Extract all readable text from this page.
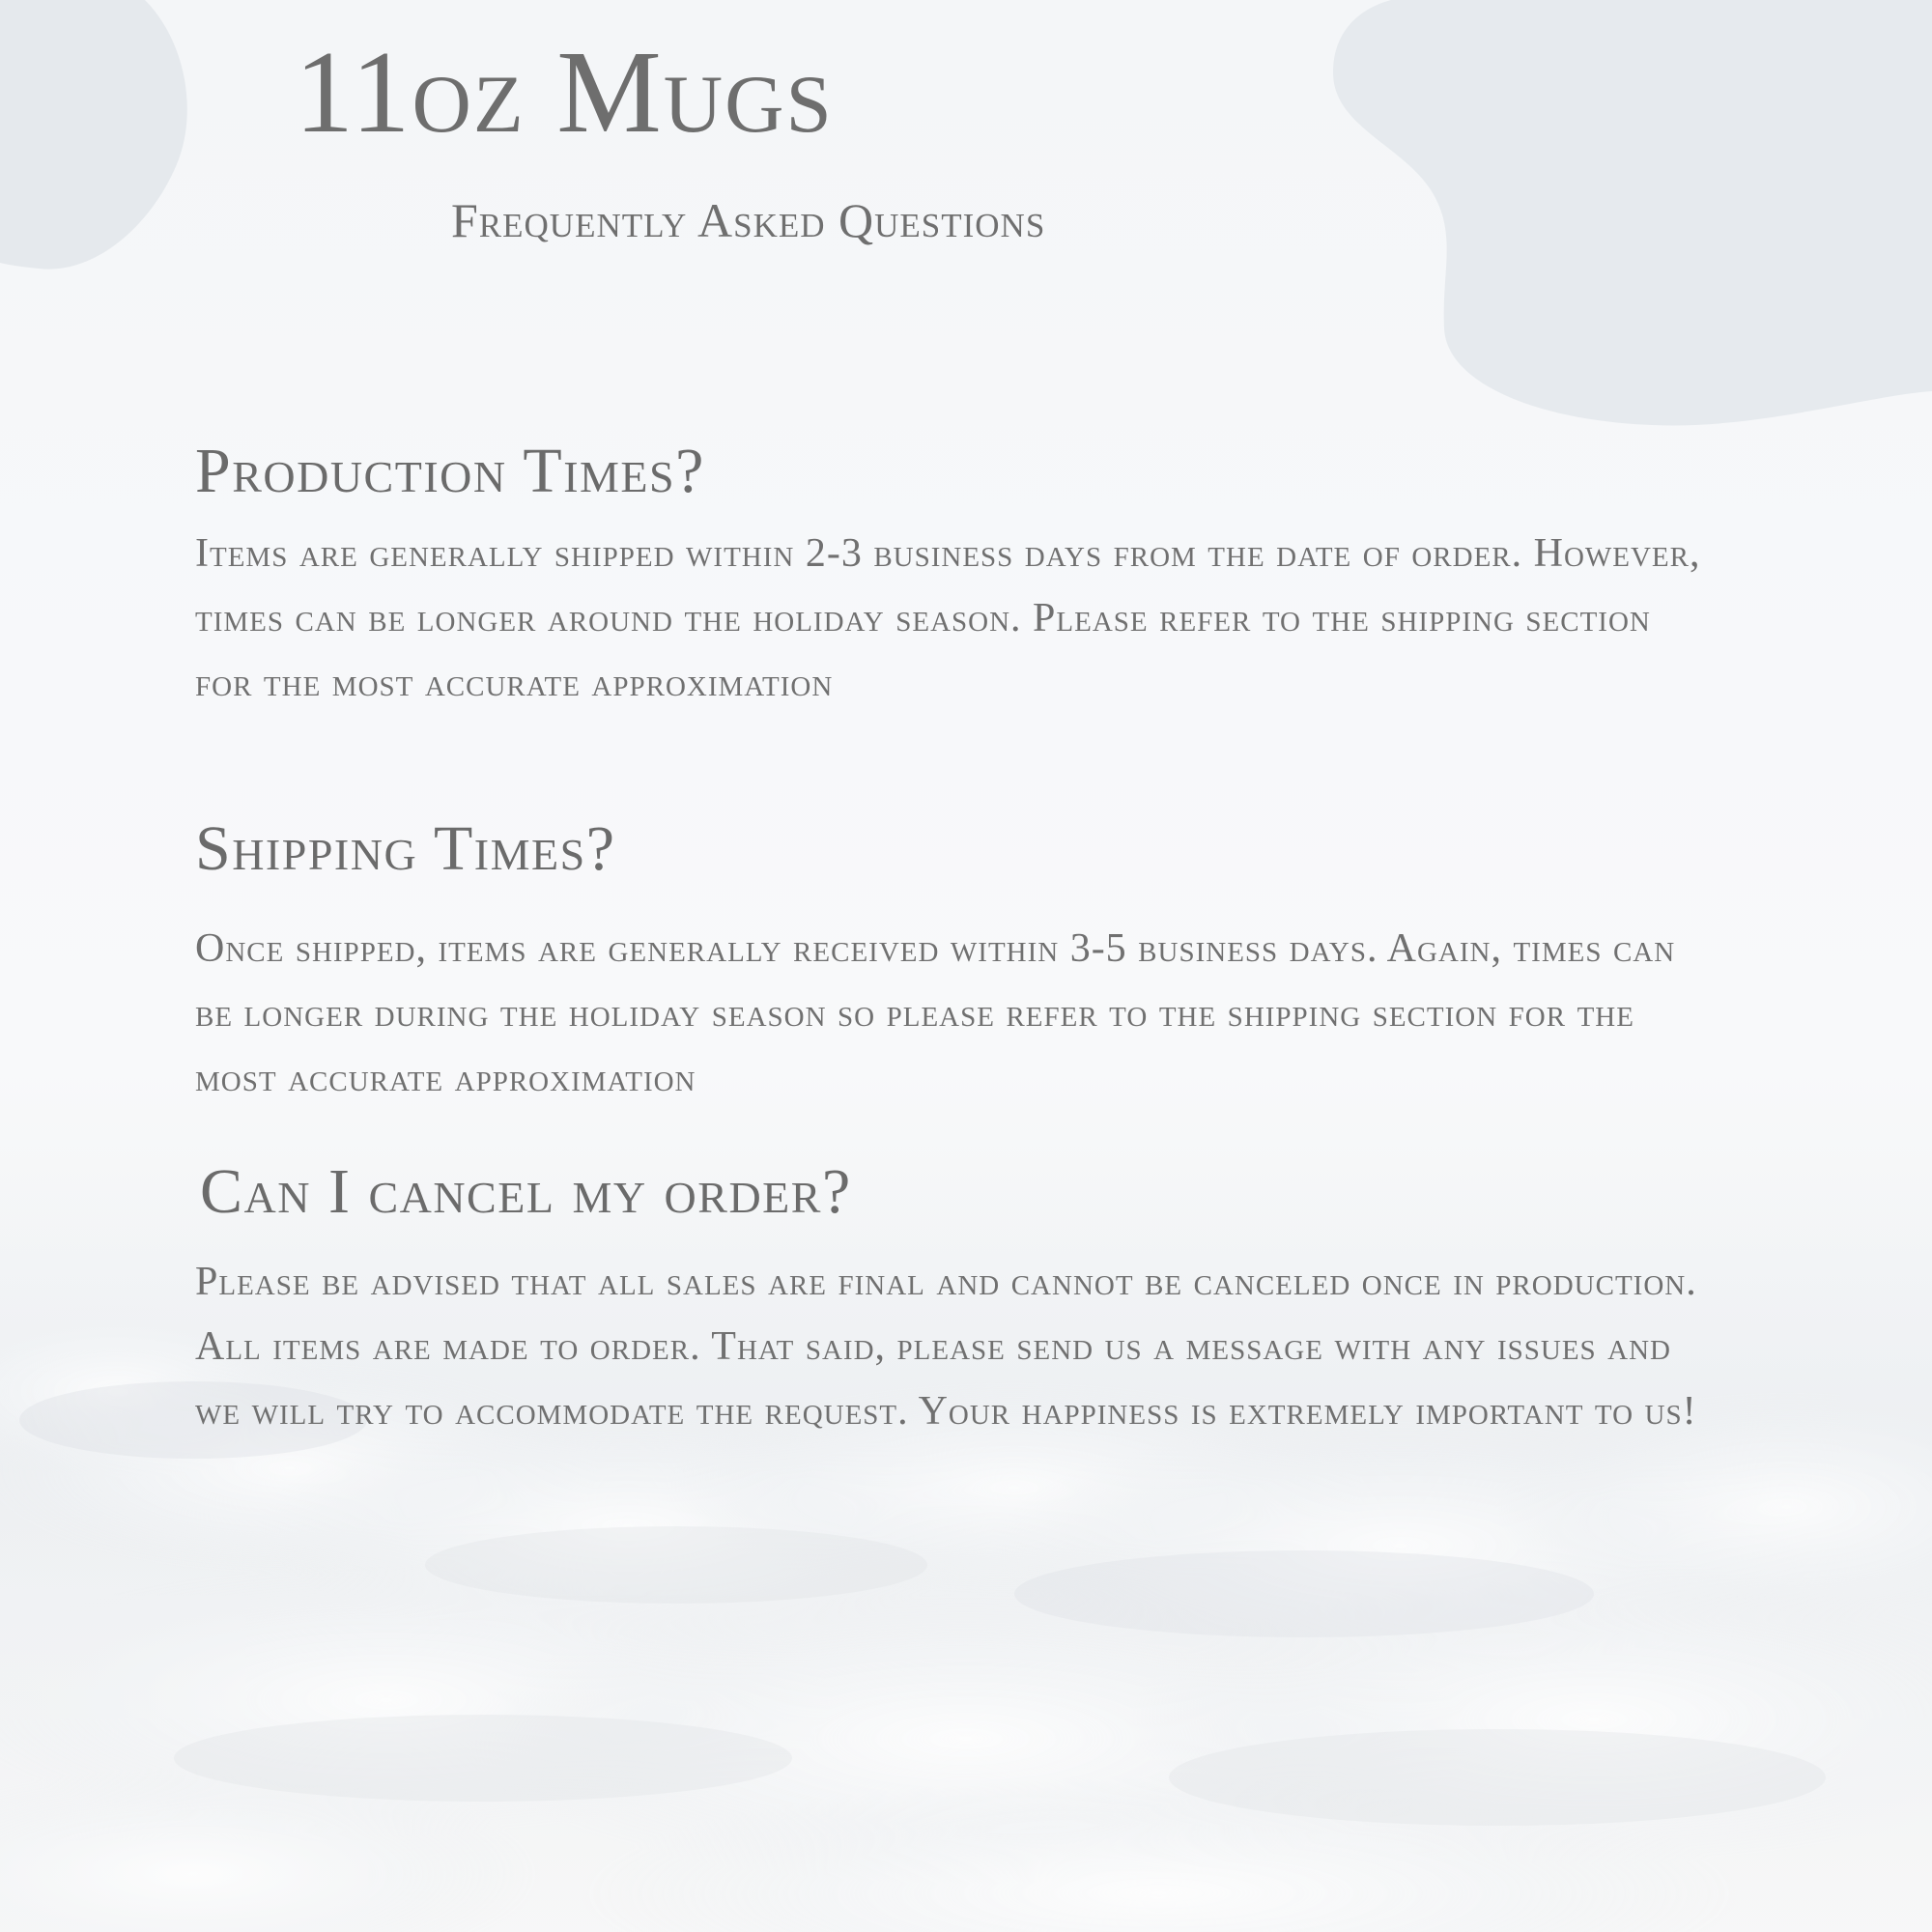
11oz Mugs
Frequently Asked Questions
Production Times?

Items are generally shipped within 2-3 business days from the date of order. However, times can be longer around the holiday season. Please refer to the shipping section for the most accurate approximation

Shipping Times?

Once shipped, items are generally received within 3-5 business days. Again, times can be longer during the holiday season so please refer to the shipping section for the most accurate approximation

Can I cancel my order?

Please be advised that all sales are final and cannot be canceled once in production. All items are made to order. That said, please send us a message with any issues and we will try to accommodate the request. Your happiness is extremely important to us!
